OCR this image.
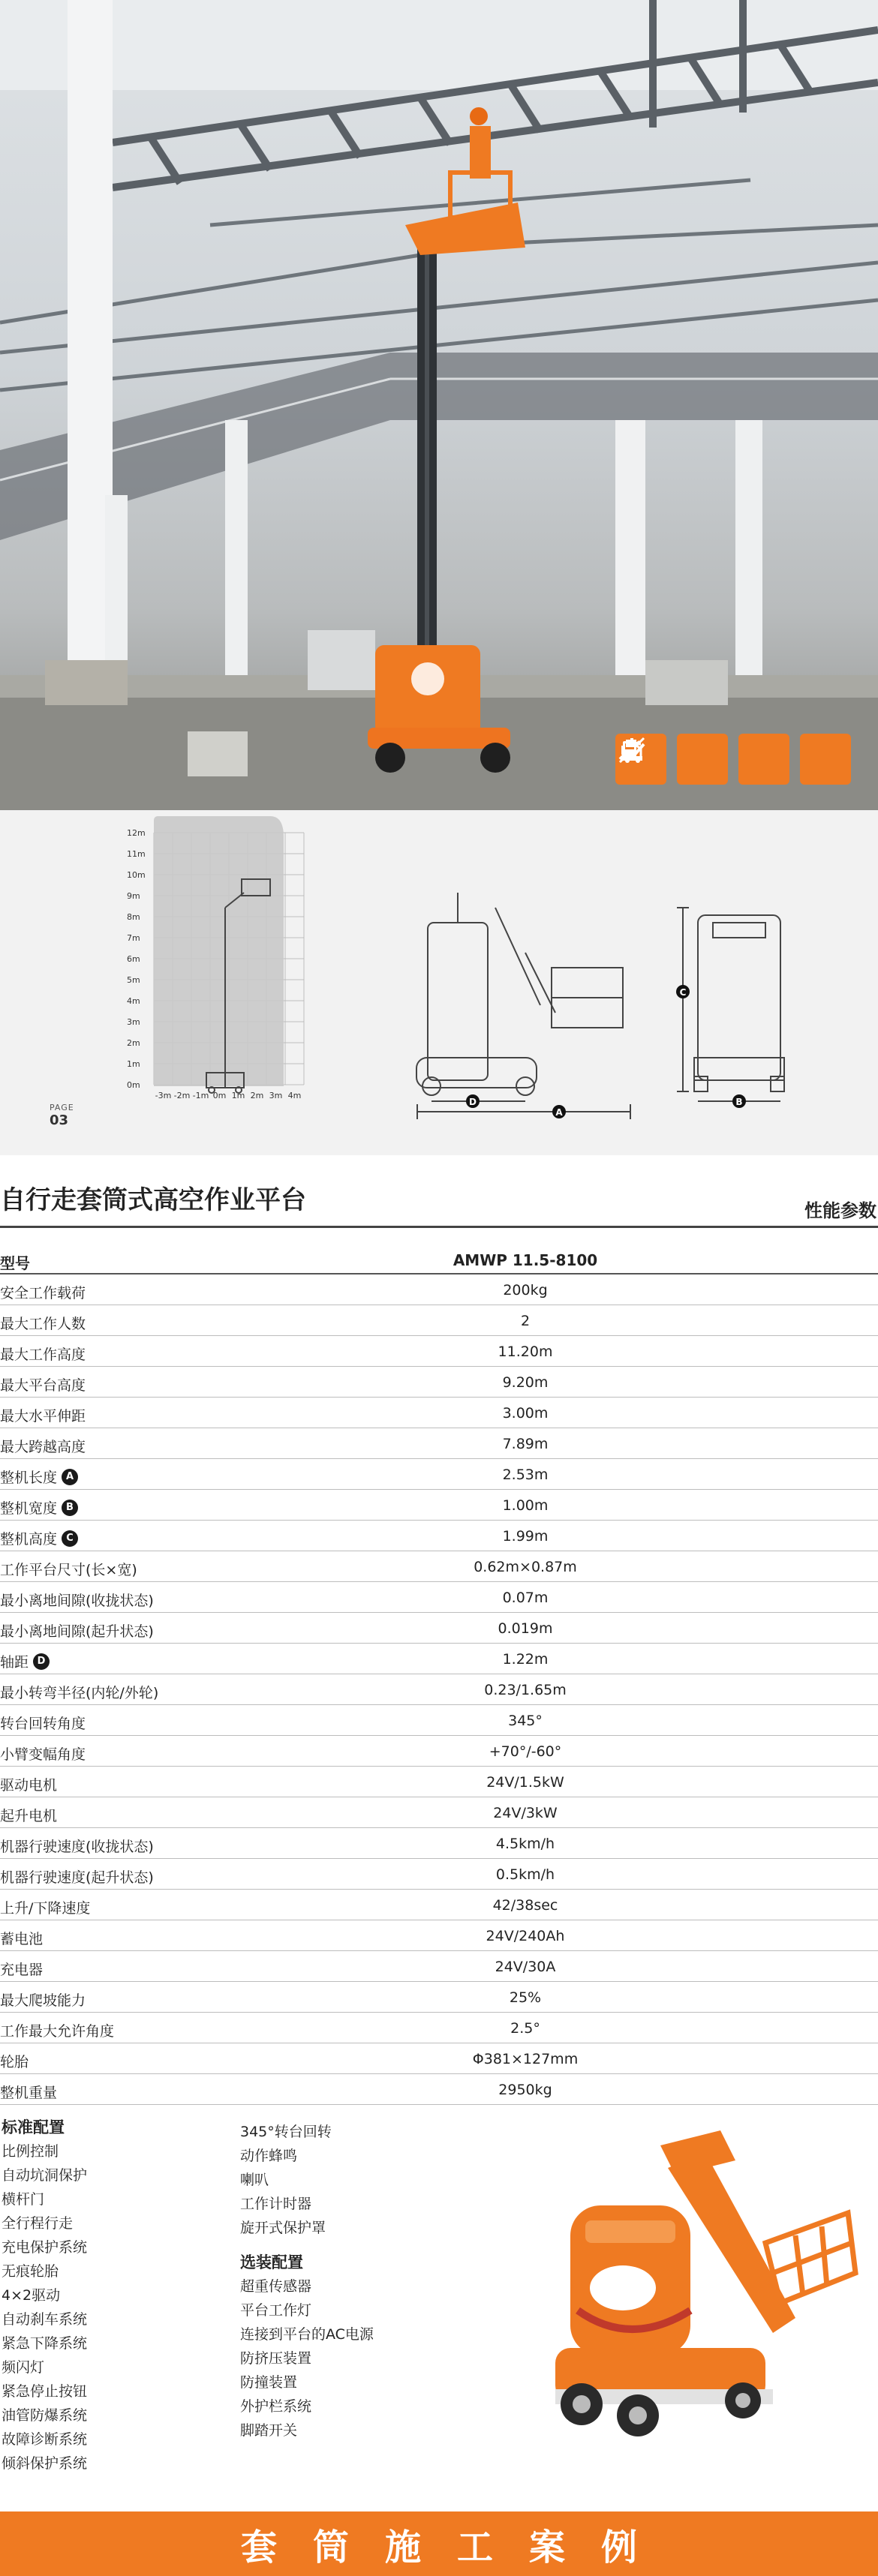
12m
11m
10m
9m
8m
7m
6m
5m
4m
3m
2m
1m
0m
-3m -2m -1m 0m 1m 2m 3m 4m
D
A
C
B
PAGE
03
自行走套筒式高空作业平台	性能参数
型号	AMWP 11.5-8100
安全工作载荷	200kg
最大工作人数	2
最大工作高度	11.20m
最大平台高度	9.20m
最大水平伸距	3.00m
最大跨越高度	7.89m
整机长度 A	2.53m
整机宽度 B	1.00m
整机高度 C	1.99m
工作平台尺寸(长×宽)	0.62m×0.87m
最小离地间隙(收拢状态)	0.07m
最小离地间隙(起升状态)	0.019m
轴距 D	1.22m
最小转弯半径(内轮/外轮)	0.23/1.65m
转台回转角度	345°
小臂变幅角度	+70°/-60°
驱动电机	24V/1.5kW
起升电机	24V/3kW
机器行驶速度(收拢状态)	4.5km/h
机器行驶速度(起升状态)	0.5km/h
上升/下降速度	42/38sec
蓄电池	24V/240Ah
充电器	24V/30A
最大爬坡能力	25%
工作最大允许角度	2.5°
轮胎	Φ381×127mm
整机重量	2950kg
标准配置
比例控制
自动坑洞保护
横杆门
全行程行走
充电保护系统
无痕轮胎
4×2驱动
自动刹车系统
紧急下降系统
频闪灯
紧急停止按钮
油管防爆系统
故障诊断系统
倾斜保护系统
345°转台回转
动作蜂鸣
喇叭
工作计时器
旋开式保护罩
选装配置
超重传感器
平台工作灯
连接到平台的AC电源
防挤压装置
防撞装置
外护栏系统
脚踏开关
套筒施工案例
